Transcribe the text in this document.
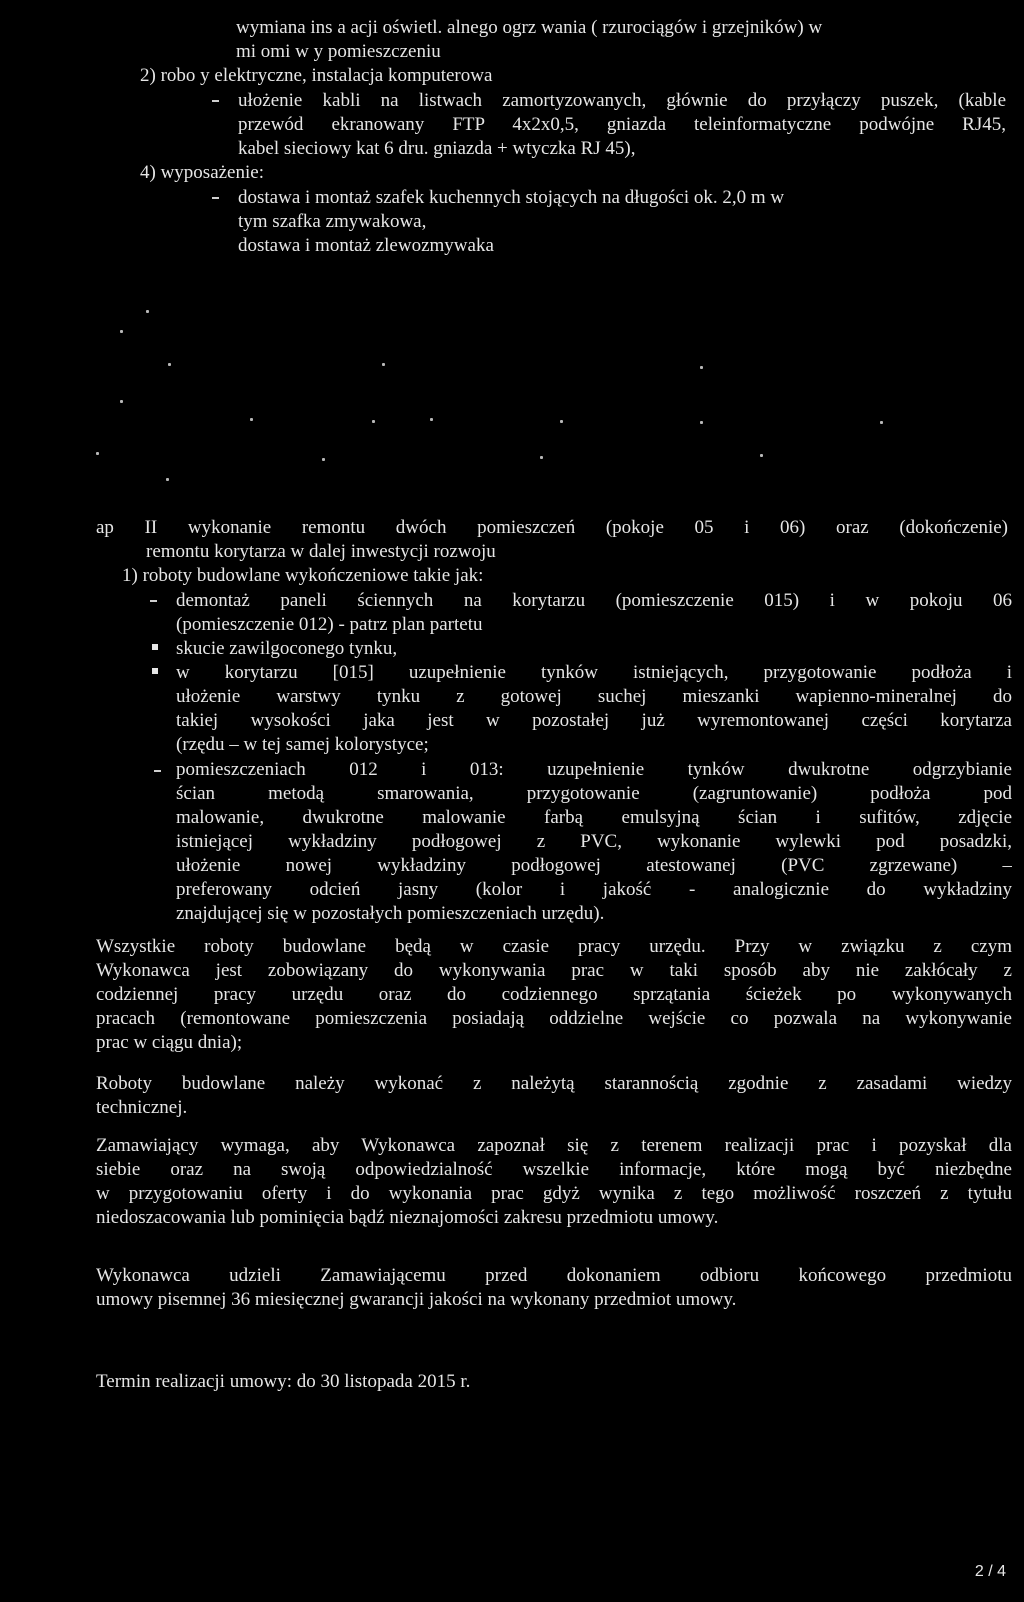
wymiana ins a acji oświetl. alnego ogrz wania ( rzurociągów i grzejników) w
mi omi w y pomieszczeniu
2) robo y elektryczne, instalacja komputerowa
ułożenie kabli na listwach zamortyzowanych, głównie do przyłączy puszek, (kable
przewód ekranowany FTP 4x2x0,5, gniazda teleinformatyczne podwójne RJ45,
kabel sieciowy kat 6 dru. gniazda + wtyczka RJ 45),
4) wyposażenie:
dostawa i montaż szafek kuchennych stojących na długości ok. 2,0 m w
tym szafka zmywakowa,
dostawa i montaż zlewozmywaka
ap II wykonanie remontu dwóch pomieszczeń (pokoje 05 i 06) oraz (dokończenie)
remontu korytarza w dalej inwestycji rozwoju
1) roboty budowlane wykończeniowe takie jak:
demontaż paneli ściennych na korytarzu (pomieszczenie 015) i w pokoju 06
(pomieszczenie 012) - patrz plan partetu
skucie zawilgoconego tynku,
w korytarzu [015] uzupełnienie tynków istniejących, przygotowanie podłoża i
ułożenie warstwy tynku z gotowej suchej mieszanki wapienno-mineralnej do
takiej wysokości jaka jest w pozostałej już wyremontowanej części korytarza
(rzędu – w tej samej kolorystyce;
pomieszczeniach 012 i 013: uzupełnienie tynków dwukrotne odgrzybianie
ścian metodą smarowania, przygotowanie (zagruntowanie) podłoża pod
malowanie, dwukrotne malowanie farbą emulsyjną ścian i sufitów, zdjęcie
istniejącej wykładziny podłogowej z PVC, wykonanie wylewki pod posadzki,
ułożenie nowej wykładziny podłogowej atestowanej (PVC zgrzewane) –
preferowany odcień jasny (kolor i jakość - analogicznie do wykładziny
znajdującej się w pozostałych pomieszczeniach urzędu).
Wszystkie roboty budowlane będą w czasie pracy urzędu. Przy w związku z czym
Wykonawca jest zobowiązany do wykonywania prac w taki sposób aby nie zakłócały z
codziennej pracy urzędu oraz do codziennego sprzątania ścieżek po wykonywanych
pracach (remontowane pomieszczenia posiadają oddzielne wejście co pozwala na wykonywanie
prac w ciągu dnia);
Roboty budowlane należy wykonać z należytą starannością zgodnie z zasadami wiedzy
technicznej.
Zamawiający wymaga, aby Wykonawca zapoznał się z terenem realizacji prac i pozyskał dla
siebie oraz na swoją odpowiedzialność wszelkie informacje, które mogą być niezbędne
w przygotowaniu oferty i do wykonania prac gdyż wynika z tego możliwość roszczeń z tytułu
niedoszacowania lub pominięcia bądź nieznajomości zakresu przedmiotu umowy.
Wykonawca udzieli Zamawiającemu przed dokonaniem odbioru końcowego przedmiotu
umowy pisemnej 36 miesięcznej gwarancji jakości na wykonany przedmiot umowy.
Termin realizacji umowy: do 30 listopada 2015 r.
2 / 4
